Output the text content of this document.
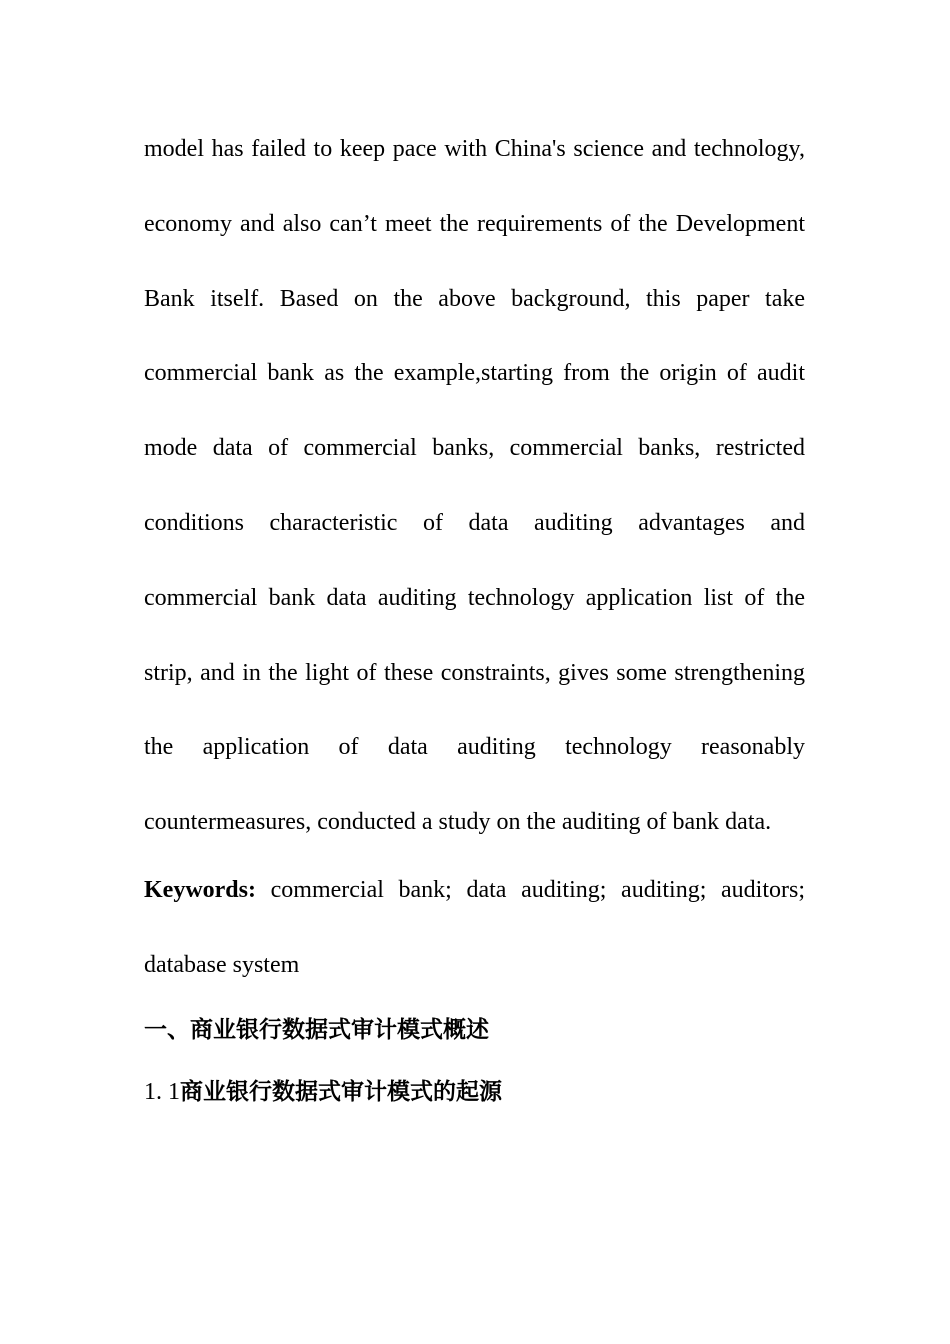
model has failed to keep pace with China's science and technology, economy and also can’t meet the requirements of the Development Bank itself. Based on the above background, this paper take commercial bank as the example,starting from the origin of audit mode data of commercial banks, commercial banks, restricted conditions characteristic of data auditing advantages and commercial bank data auditing technology application list of the strip, and in the light of these constraints, gives some strengthening the application of data auditing technology reasonably countermeasures, conducted a study on the auditing of bank data.

Keywords: commercial bank; data auditing; auditing; auditors; database system

一、商业银行数据式审计模式概述
1. 1商业银行数据式审计模式的起源
